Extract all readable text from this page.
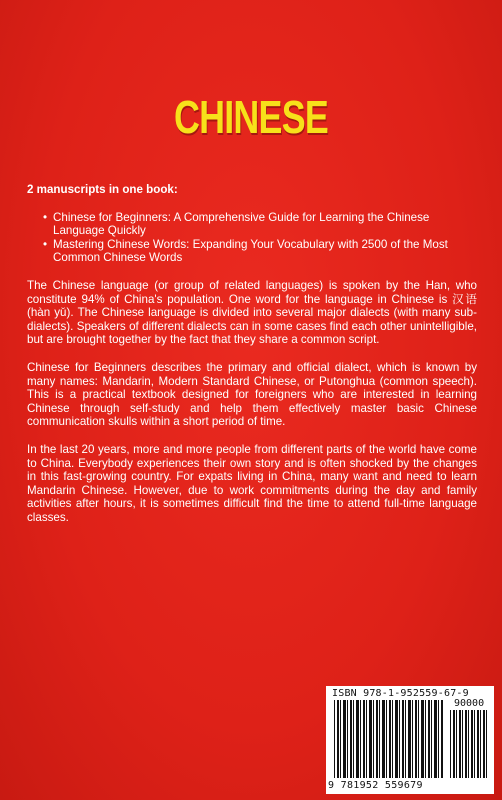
CHINESE
2 manuscripts in one book:
• Chinese for Beginners: A Comprehensive Guide for Learning the Chinese Language Quickly
• Mastering Chinese Words: Expanding Your Vocabulary with 2500 of the Most Common Chinese Words

The Chinese language (or group of related languages) is spoken by the Han, who constitute 94% of China's population. One word for the language in Chinese is 汉语 (hàn yǔ). The Chinese language is divided into several major dialects (with many sub-dialects). Speakers of different dialects can in some cases find each other unintelligible, but are brought together by the fact that they share a common script.

Chinese for Beginners describes the primary and official dialect, which is known by many names: Mandarin, Modern Standard Chinese, or Putonghua (common speech). This is a practical textbook designed for foreigners who are interested in learning Chinese through self-study and help them effectively master basic Chinese communication skulls within a short period of time.

In the last 20 years, more and more people from different parts of the world have come to China. Everybody experiences their own story and is often shocked by the changes in this fast-growing country. For expats living in China, many want and need to learn Mandarin Chinese. However, due to work commitments during the day and family activities after hours, it is sometimes difficult find the time to attend full-time language classes.

ISBN 978-1-952559-67-9
90000
9 781952 559679
